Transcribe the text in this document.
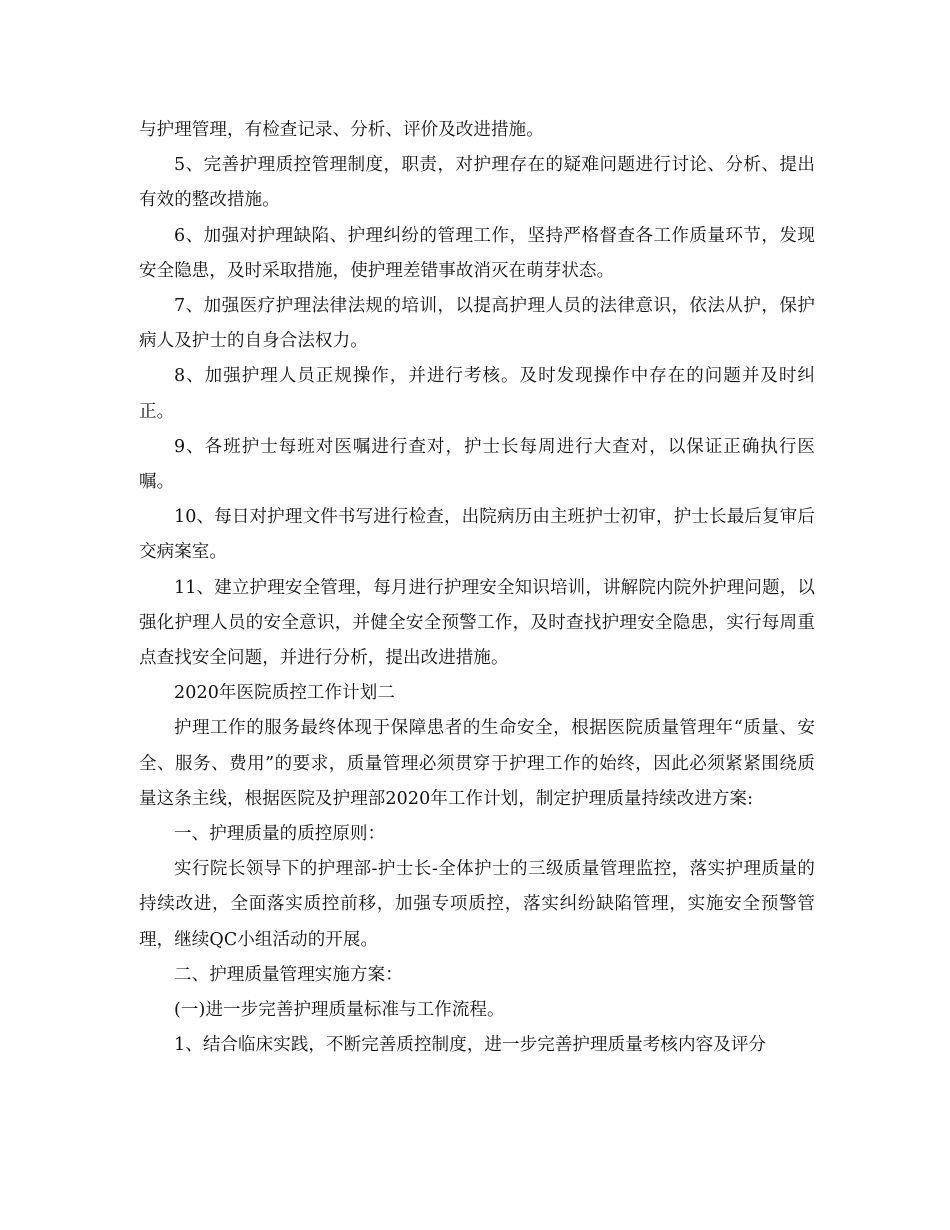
与护理管理，有检查记录、分析、评价及改进措施。

5、完善护理质控管理制度，职责，对护理存在的疑难问题进行讨论、分析、提出有效的整改措施。

6、加强对护理缺陷、护理纠纷的管理工作，坚持严格督查各工作质量环节，发现安全隐患，及时采取措施，使护理差错事故消灭在萌芽状态。

7、加强医疗护理法律法规的培训，以提高护理人员的法律意识，依法从护，保护病人及护士的自身合法权力。

8、加强护理人员正规操作，并进行考核。及时发现操作中存在的问题并及时纠正。

9、各班护士每班对医嘱进行查对，护士长每周进行大查对，以保证正确执行医嘱。

10、每日对护理文件书写进行检查，出院病历由主班护士初审，护士长最后复审后交病案室。

11、建立护理安全管理，每月进行护理安全知识培训，讲解院内院外护理问题，以强化护理人员的安全意识，并健全安全预警工作，及时查找护理安全隐患，实行每周重点查找安全问题，并进行分析，提出改进措施。

2020年医院质控工作计划二

护理工作的服务最终体现于保障患者的生命安全，根据医院质量管理年“质量、安全、服务、费用”的要求，质量管理必须贯穿于护理工作的始终，因此必须紧紧围绕质量这条主线，根据医院及护理部2020年工作计划，制定护理质量持续改进方案:

一、护理质量的质控原则：

实行院长领导下的护理部-护士长-全体护士的三级质量管理监控，落实护理质量的持续改进，全面落实质控前移，加强专项质控，落实纠纷缺陷管理，实施安全预警管理，继续QC小组活动的开展。

二、护理质量管理实施方案：

(一)进一步完善护理质量标准与工作流程。

1、结合临床实践，不断完善质控制度，进一步完善护理质量考核内容及评分
